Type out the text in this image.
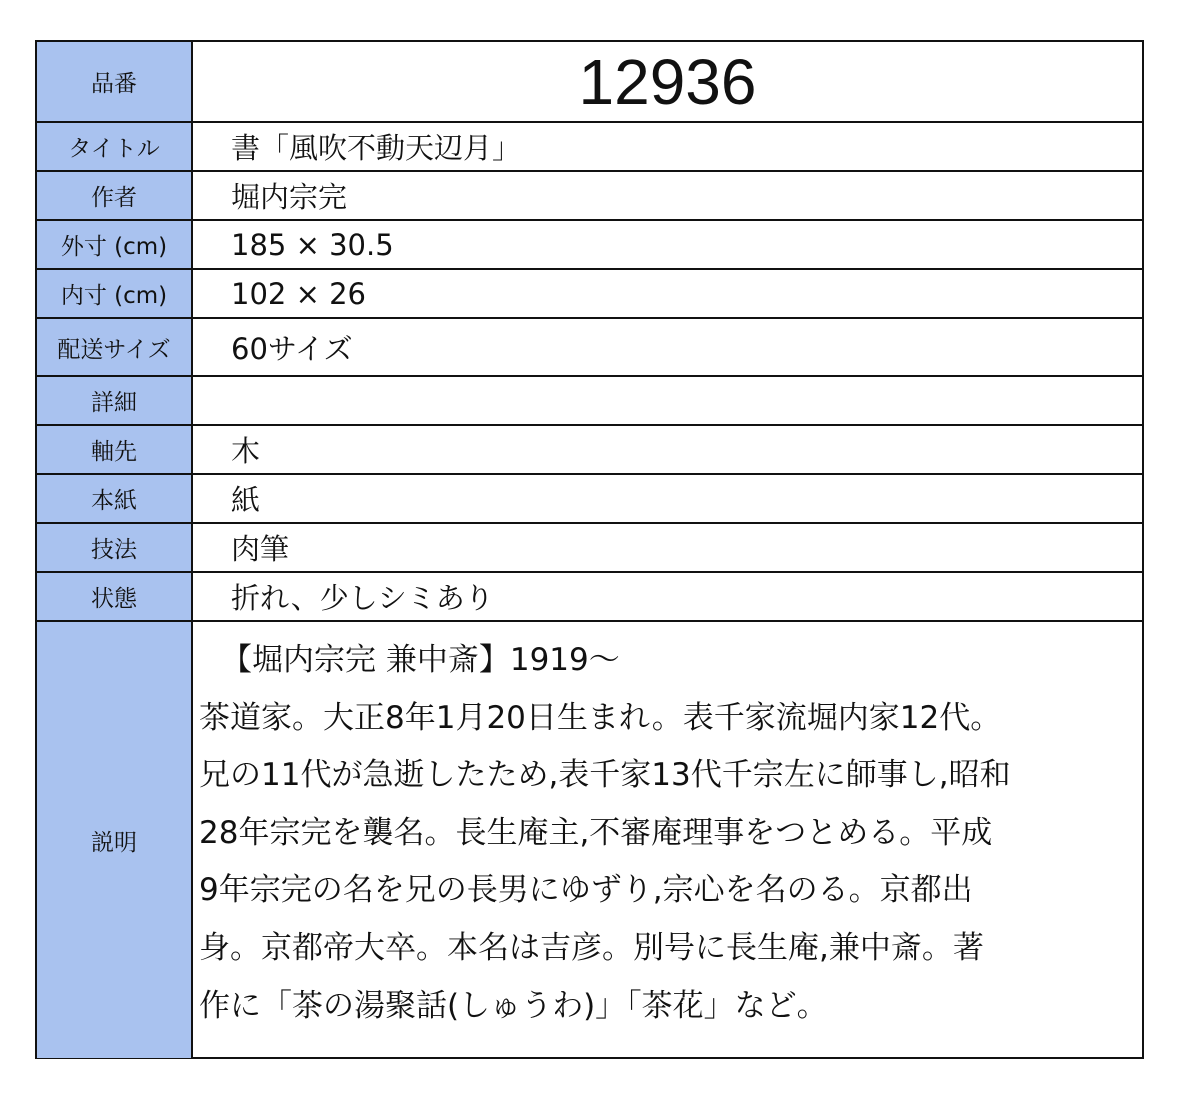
品番	12936
タイトル	書「風吹不動天辺月」
作者	堀内宗完
外寸 (cm)	185 × 30.5
内寸 (cm)	102 × 26
配送サイズ	60サイズ
詳細
軸先	木
本紙	紙
技法	肉筆
状態	折れ、少しシミあり
説明
【堀内宗完 兼中斎】1919〜
茶道家。大正8年1月20日生まれ。表千家流堀内家12代。
兄の11代が急逝したため,表千家13代千宗左に師事し,昭和
28年宗完を襲名。長生庵主,不審庵理事をつとめる。平成
9年宗完の名を兄の長男にゆずり,宗心を名のる。京都出
身。京都帝大卒。本名は吉彦。別号に長生庵,兼中斎。著
作に「茶の湯聚話(しゅうわ)」「茶花」など。
